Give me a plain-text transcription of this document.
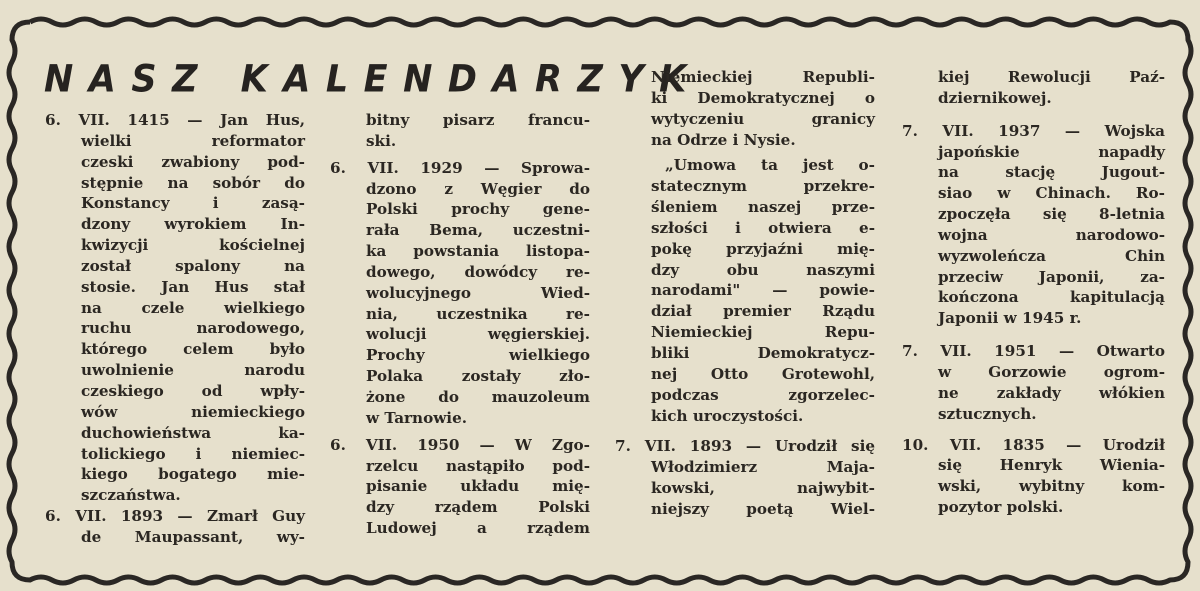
NASZ KALENDARZYK
6. VII. 1415 — Jan Hus,
wielki reformator
czeski zwabiony pod-
stępnie na sobór do
Konstancy i zasą-
dzony wyrokiem In-
kwizycji kościelnej
został spalony na
stosie. Jan Hus stał
na czele wielkiego
ruchu narodowego,
którego celem było
uwolnienie narodu
czeskiego od wpły-
wów niemieckiego
duchowieństwa ka-
tolickiego i niemiec-
kiego bogatego mie-
szczaństwa.
6. VII. 1893 — Zmarł Guy
de Maupassant, wy-
bitny pisarz francu-
ski.
6. VII. 1929 — Sprowa-
dzono z Węgier do
Polski prochy gene-
rała Bema, uczestni-
ka powstania listopa-
dowego, dowódcy re-
wolucyjnego Wied-
nia, uczestnika re-
wolucji węgierskiej.
Prochy wielkiego
Polaka zostały zło-
żone do mauzoleum
w Tarnowie.
6. VII. 1950 — W Zgo-
rzelcu nastąpiło pod-
pisanie układu mię-
dzy rządem Polski
Ludowej a rządem
Niemieckiej Republi-
ki Demokratycznej o
wytyczeniu granicy
na Odrze i Nysie.
„Umowa ta jest o-
statecznym przekre-
śleniem naszej prze-
szłości i otwiera e-
pokę przyjaźni mię-
dzy obu naszymi
narodami" — powie-
dział premier Rządu
Niemieckiej Repu-
bliki Demokratycz-
nej Otto Grotewohl,
podczas zgorzelec-
kich uroczystości.
7. VII. 1893 — Urodził się
Włodzimierz Maja-
kowski, najwybit-
niejszy poetą Wiel-
kiej Rewolucji Paź-
dziernikowej.
7. VII. 1937 — Wojska
japońskie napadły
na stację Jugout-
siao w Chinach. Ro-
zpoczęła się 8-letnia
wojna narodowo-
wyzwoleńcza Chin
przeciw Japonii, za-
kończona kapitulacją
Japonii w 1945 r.
7. VII. 1951 — Otwarto
w Gorzowie ogrom-
ne zakłady włókien
sztucznych.
10. VII. 1835 — Urodził
się Henryk Wienia-
wski, wybitny kom-
pozytor polski.
